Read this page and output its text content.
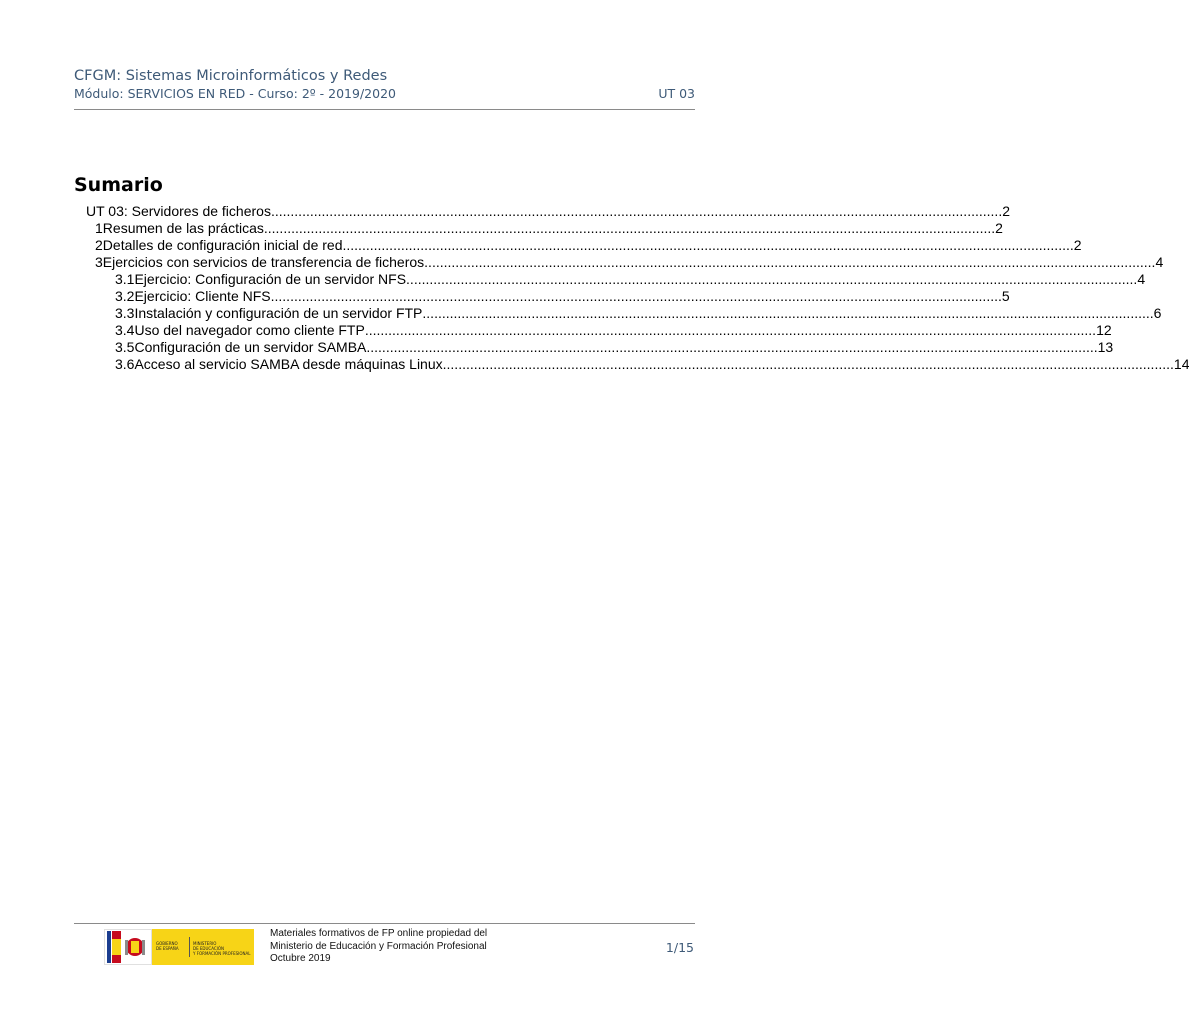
CFGM: Sistemas Microinformáticos y Redes
Módulo: SERVICIOS EN RED - Curso: 2º - 2019/2020	UT 03
Sumario
UT 03: Servidores de ficheros ............................................................................................................................................................................................ 2
1 Resumen de las prácticas ............................................................................................................................................................................................ 2
2 Detalles de configuración inicial de red ............................................................................................................................................................................................ 2
3 Ejercicios con servicios de transferencia de ficheros ............................................................................................................................................................................................ 4
3.1 Ejercicio: Configuración de un servidor NFS ............................................................................................................................................................................................ 4
3.2 Ejercicio: Cliente NFS ............................................................................................................................................................................................ 5
3.3 Instalación y configuración de un servidor FTP ............................................................................................................................................................................................ 6
3.4 Uso del navegador como cliente FTP ............................................................................................................................................................................................ 12
3.5 Configuración de un servidor SAMBA ............................................................................................................................................................................................ 13
3.6 Acceso al servicio SAMBA desde máquinas Linux ............................................................................................................................................................................................ 14
GOBIERNO
DE ESPAÑA
MINISTERIO
DE EDUCACIÓN
Y FORMACIÓN PROFESIONAL
Materiales formativos de FP online propiedad del
Ministerio de Educación y Formación Profesional
Octubre 2019
1/15
